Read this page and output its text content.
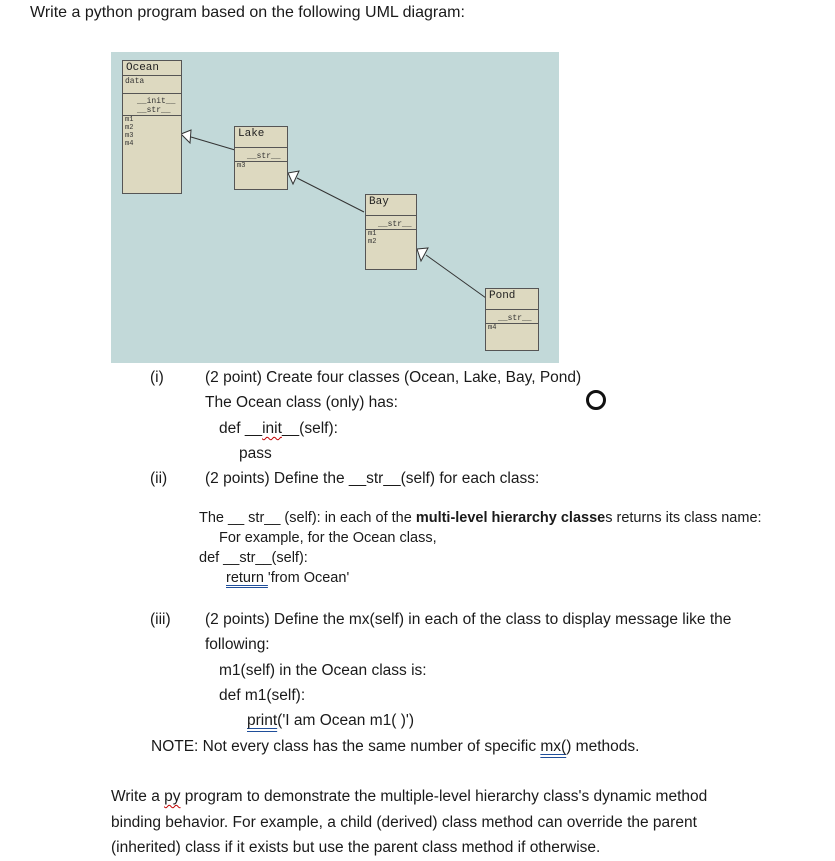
Write a python program based on the following UML diagram:
Ocean
data
__init__
__str__
m1
m2
m3
m4
Lake
__str__
m3
Bay
__str__
m1
m2
Pond
__str__
m4
(i)	(2 point) Create four classes (Ocean, Lake, Bay, Pond)
The Ocean class (only) has:
def __init__(self):
pass
(ii) (2 points) Define the __str__(self) for each class:
The __ str__ (self): in each of the multi-level hierarchy classes returns its class name:
For example, for the Ocean class,
def __str__(self):
return 'from Ocean'
(iii) (2 points) Define the mx(self) in each of the class to display message like the
following:
m1(self) in the Ocean class is:
def m1(self):
print('I am Ocean m1( )')
NOTE: Not every class has the same number of specific mx() methods.
Write a py program to demonstrate the multiple-level hierarchy class's dynamic method
binding behavior. For example, a child (derived) class method can override the parent
(inherited) class if it exists but use the parent class method if otherwise.
